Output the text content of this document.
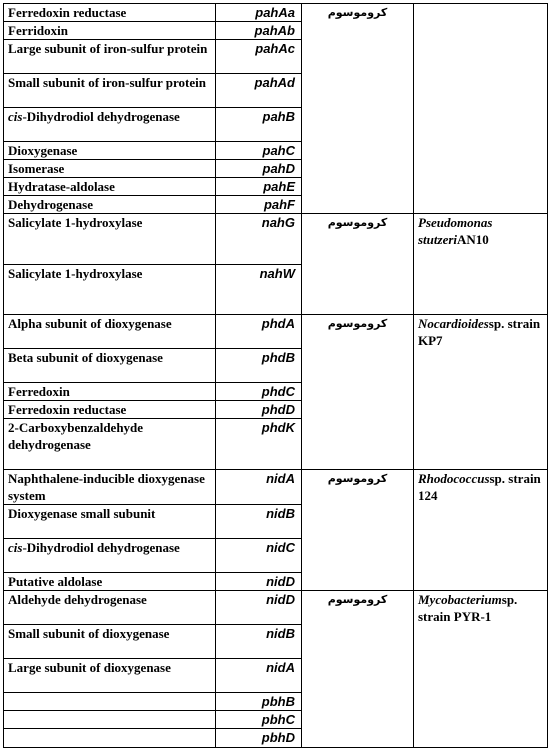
Ferredoxin reductase	pahAa	کروموسوم	
Ferridoxin	pahAb		
Large subunit of iron-sulfur protein	pahAc		
Small subunit of iron-sulfur protein	pahAd		
cis-Dihydrodiol dehydrogenase	pahB		
Dioxygenase	pahC		
Isomerase	pahD		
Hydratase-aldolase	pahE		
Dehydrogenase	pahF		
Salicylate 1-hydroxylase	nahG	کروموسوم	Pseudomonas stutzeriAN10
Salicylate 1-hydroxylase	nahW		
Alpha subunit of dioxygenase	phdA	کروموسوم	Nocardioidessp. strain KP7
Beta subunit of dioxygenase	phdB		
Ferredoxin	phdC		
Ferredoxin reductase	phdD		
2-Carboxybenzaldehyde dehydrogenase	phdK		
Naphthalene-inducible dioxygenase system	nidA	کروموسوم	Rhodococcussp. strain 124
Dioxygenase small subunit	nidB		
cis-Dihydrodiol dehydrogenase	nidC		
Putative aldolase	nidD		
Aldehyde dehydrogenase	nidD	کروموسوم	Mycobacteriumsp. strain PYR-1
Small subunit of dioxygenase	nidB		
Large subunit of dioxygenase	nidA		
	pbhB		
	pbhC		
	pbhD		
